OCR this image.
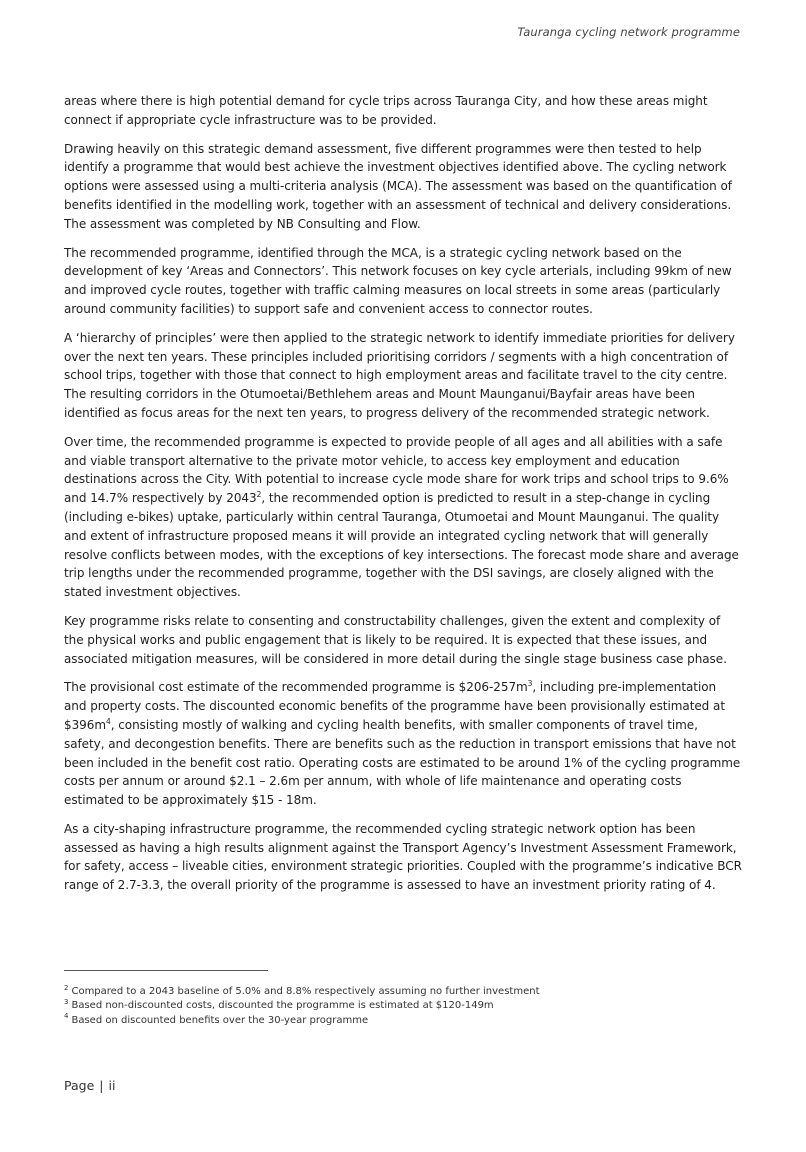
Tauranga cycling network programme

areas where there is high potential demand for cycle trips across Tauranga City, and how these areas might connect if appropriate cycle infrastructure was to be provided.

Drawing heavily on this strategic demand assessment, five different programmes were then tested to help identify a programme that would best achieve the investment objectives identified above. The cycling network options were assessed using a multi-criteria analysis (MCA). The assessment was based on the quantification of benefits identified in the modelling work, together with an assessment of technical and delivery considerations. The assessment was completed by NB Consulting and Flow.

The recommended programme, identified through the MCA, is a strategic cycling network based on the development of key ‘Areas and Connectors’. This network focuses on key cycle arterials, including 99km of new and improved cycle routes, together with traffic calming measures on local streets in some areas (particularly around community facilities) to support safe and convenient access to connector routes.

A ‘hierarchy of principles’ were then applied to the strategic network to identify immediate priorities for delivery over the next ten years. These principles included prioritising corridors / segments with a high concentration of school trips, together with those that connect to high employment areas and facilitate travel to the city centre. The resulting corridors in the Otumoetai/Bethlehem areas and Mount Maunganui/Bayfair areas have been identified as focus areas for the next ten years, to progress delivery of the recommended strategic network.

Over time, the recommended programme is expected to provide people of all ages and all abilities with a safe and viable transport alternative to the private motor vehicle, to access key employment and education destinations across the City. With potential to increase cycle mode share for work trips and school trips to 9.6% and 14.7% respectively by 2043$^2$, the recommended option is predicted to result in a step-change in cycling (including e-bikes) uptake, particularly within central Tauranga, Otumoetai and Mount Maunganui. The quality and extent of infrastructure proposed means it will provide an integrated cycling network that will generally resolve conflicts between modes, with the exceptions of key intersections. The forecast mode share and average trip lengths under the recommended programme, together with the DSI savings, are closely aligned with the stated investment objectives.

Key programme risks relate to consenting and constructability challenges, given the extent and complexity of the physical works and public engagement that is likely to be required. It is expected that these issues, and associated mitigation measures, will be considered in more detail during the single stage business case phase.

The provisional cost estimate of the recommended programme is $\$206-257m^3$, including pre-implementation and property costs. The discounted economic benefits of the programme have been provisionally estimated at $\$396m^4$, consisting mostly of walking and cycling health benefits, with smaller components of travel time, safety, and decongestion benefits. There are benefits such as the reduction in transport emissions that have not been included in the benefit cost ratio. Operating costs are estimated to be around 1% of the cycling programme costs per annum or around $2.1 – 2.6m per annum, with whole of life maintenance and operating costs estimated to be approximately $15 - 18m.

As a city-shaping infrastructure programme, the recommended cycling strategic network option has been assessed as having a high results alignment against the Transport Agency’s Investment Assessment Framework, for safety, access – liveable cities, environment strategic priorities. Coupled with the programme’s indicative BCR range of 2.7-3.3, the overall priority of the programme is assessed to have an investment priority rating of 4.

$^2$ Compared to a 2043 baseline of 5.0% and 8.8% respectively assuming no further investment

$^3$ Based non-discounted costs, discounted the programme is estimated at $120-149m

$^4$ Based on discounted benefits over the 30-year programme

Page | ii
